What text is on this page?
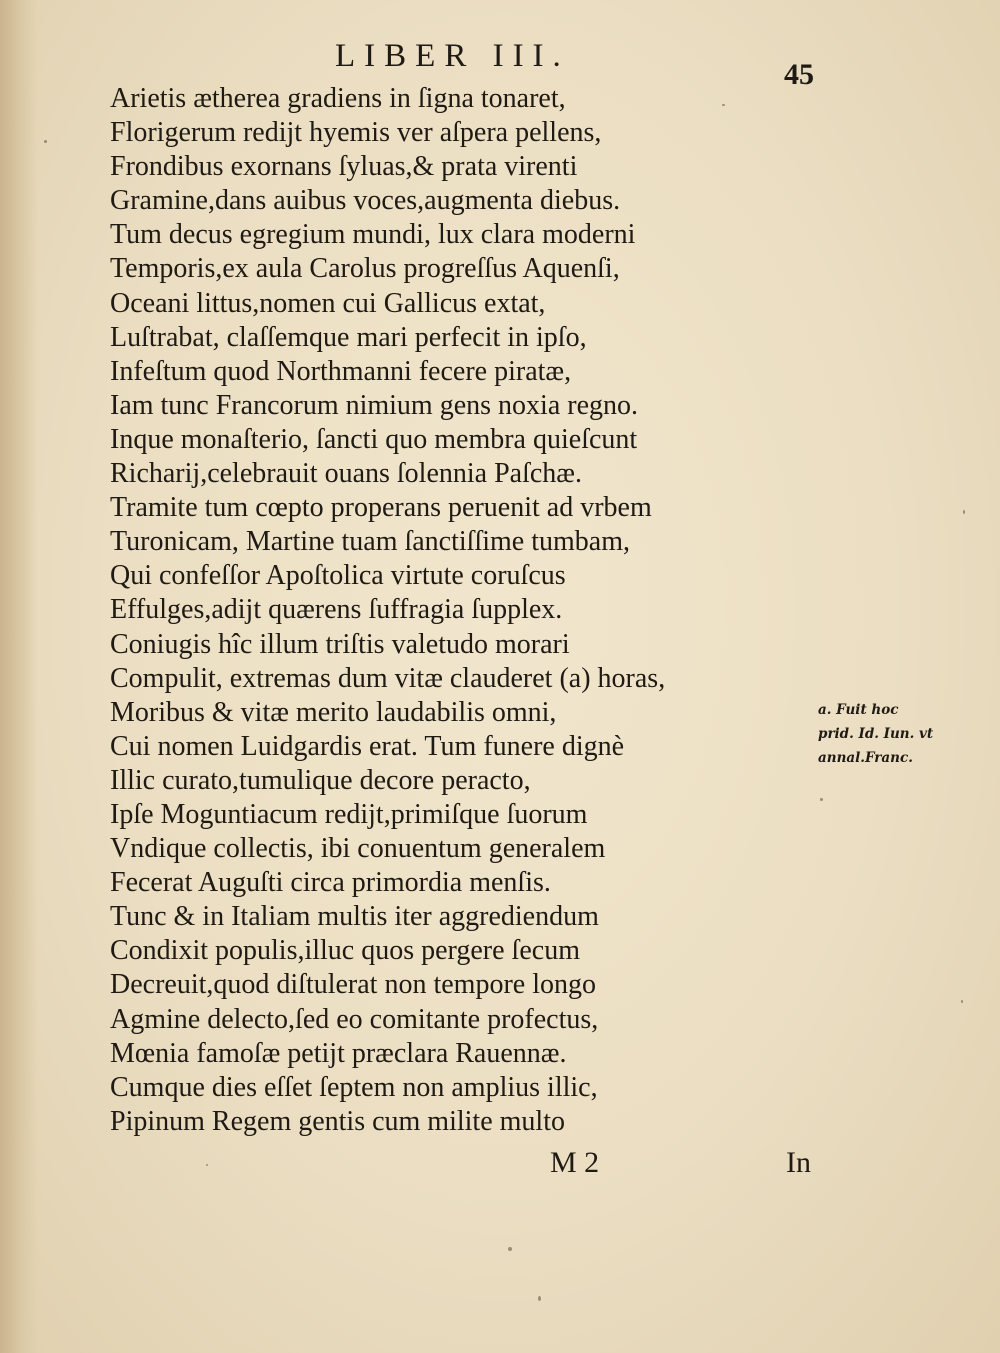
LIBER III.
45
Arietis ætherea gradiens in ſigna tonaret,
Florigerum rediјt hyemis ver aſpera pellens,
Frondibus exornans ſyluas,& prata virenti
Gramine,dans auibus voces,augmenta diebus.
Tum decus egregium mundi, lux clara moderni
Temporis,ex aula Carolus progreſſus Aquenſi,
Oceani littus,nomen cui Gallicus extat,
Luſtrabat, claſſemque mari perfecit in ipſo,
Infeſtum quod Northmanni fecere piratæ,
Iam tunc Francorum nimium gens noxia regno.
Inque monaſterio, ſancti quo membra quieſcunt
Richarij,celebrauit ouans ſolennia Paſchæ.
Tramite tum cœpto properans peruenit ad vrbem
Turonicam, Martine tuam ſanctiſſime tumbam,
Qui confeſſor Apoſtolica virtute coruſcus
Effulges,adijt quærens ſuffragia ſupplex.
Coniugis hîc illum triſtis valetudo morari
Compulit, extremas dum vitæ clauderet (a) horas,
Moribus & vitæ merito laudabilis omni,
Cui nomen Luidgardis erat. Tum funere dignè
Illic curato,tumulique decore peracto,
Ipſe Moguntiacum rediјt,primiſque ſuorum
Vndique collectis, ibi conuentum generalem
Fecerat Auguſti circa primordia menſis.
Tunc & in Italiam multis iter aggrediendum
Condixit populis,illuc quos pergere ſecum
Decreuit,quod diſtulerat non tempore longo
Agmine delecto,ſed eo comitante profectus,
Mœnia famoſæ petijt præclara Rauennæ.
Cumque dies eſſet ſeptem non amplius illic,
Pipinum Regem gentis cum milite multo
a. Fuit hoc
prid. Id. Iun. vt
annal.Franc.
M 2	In
